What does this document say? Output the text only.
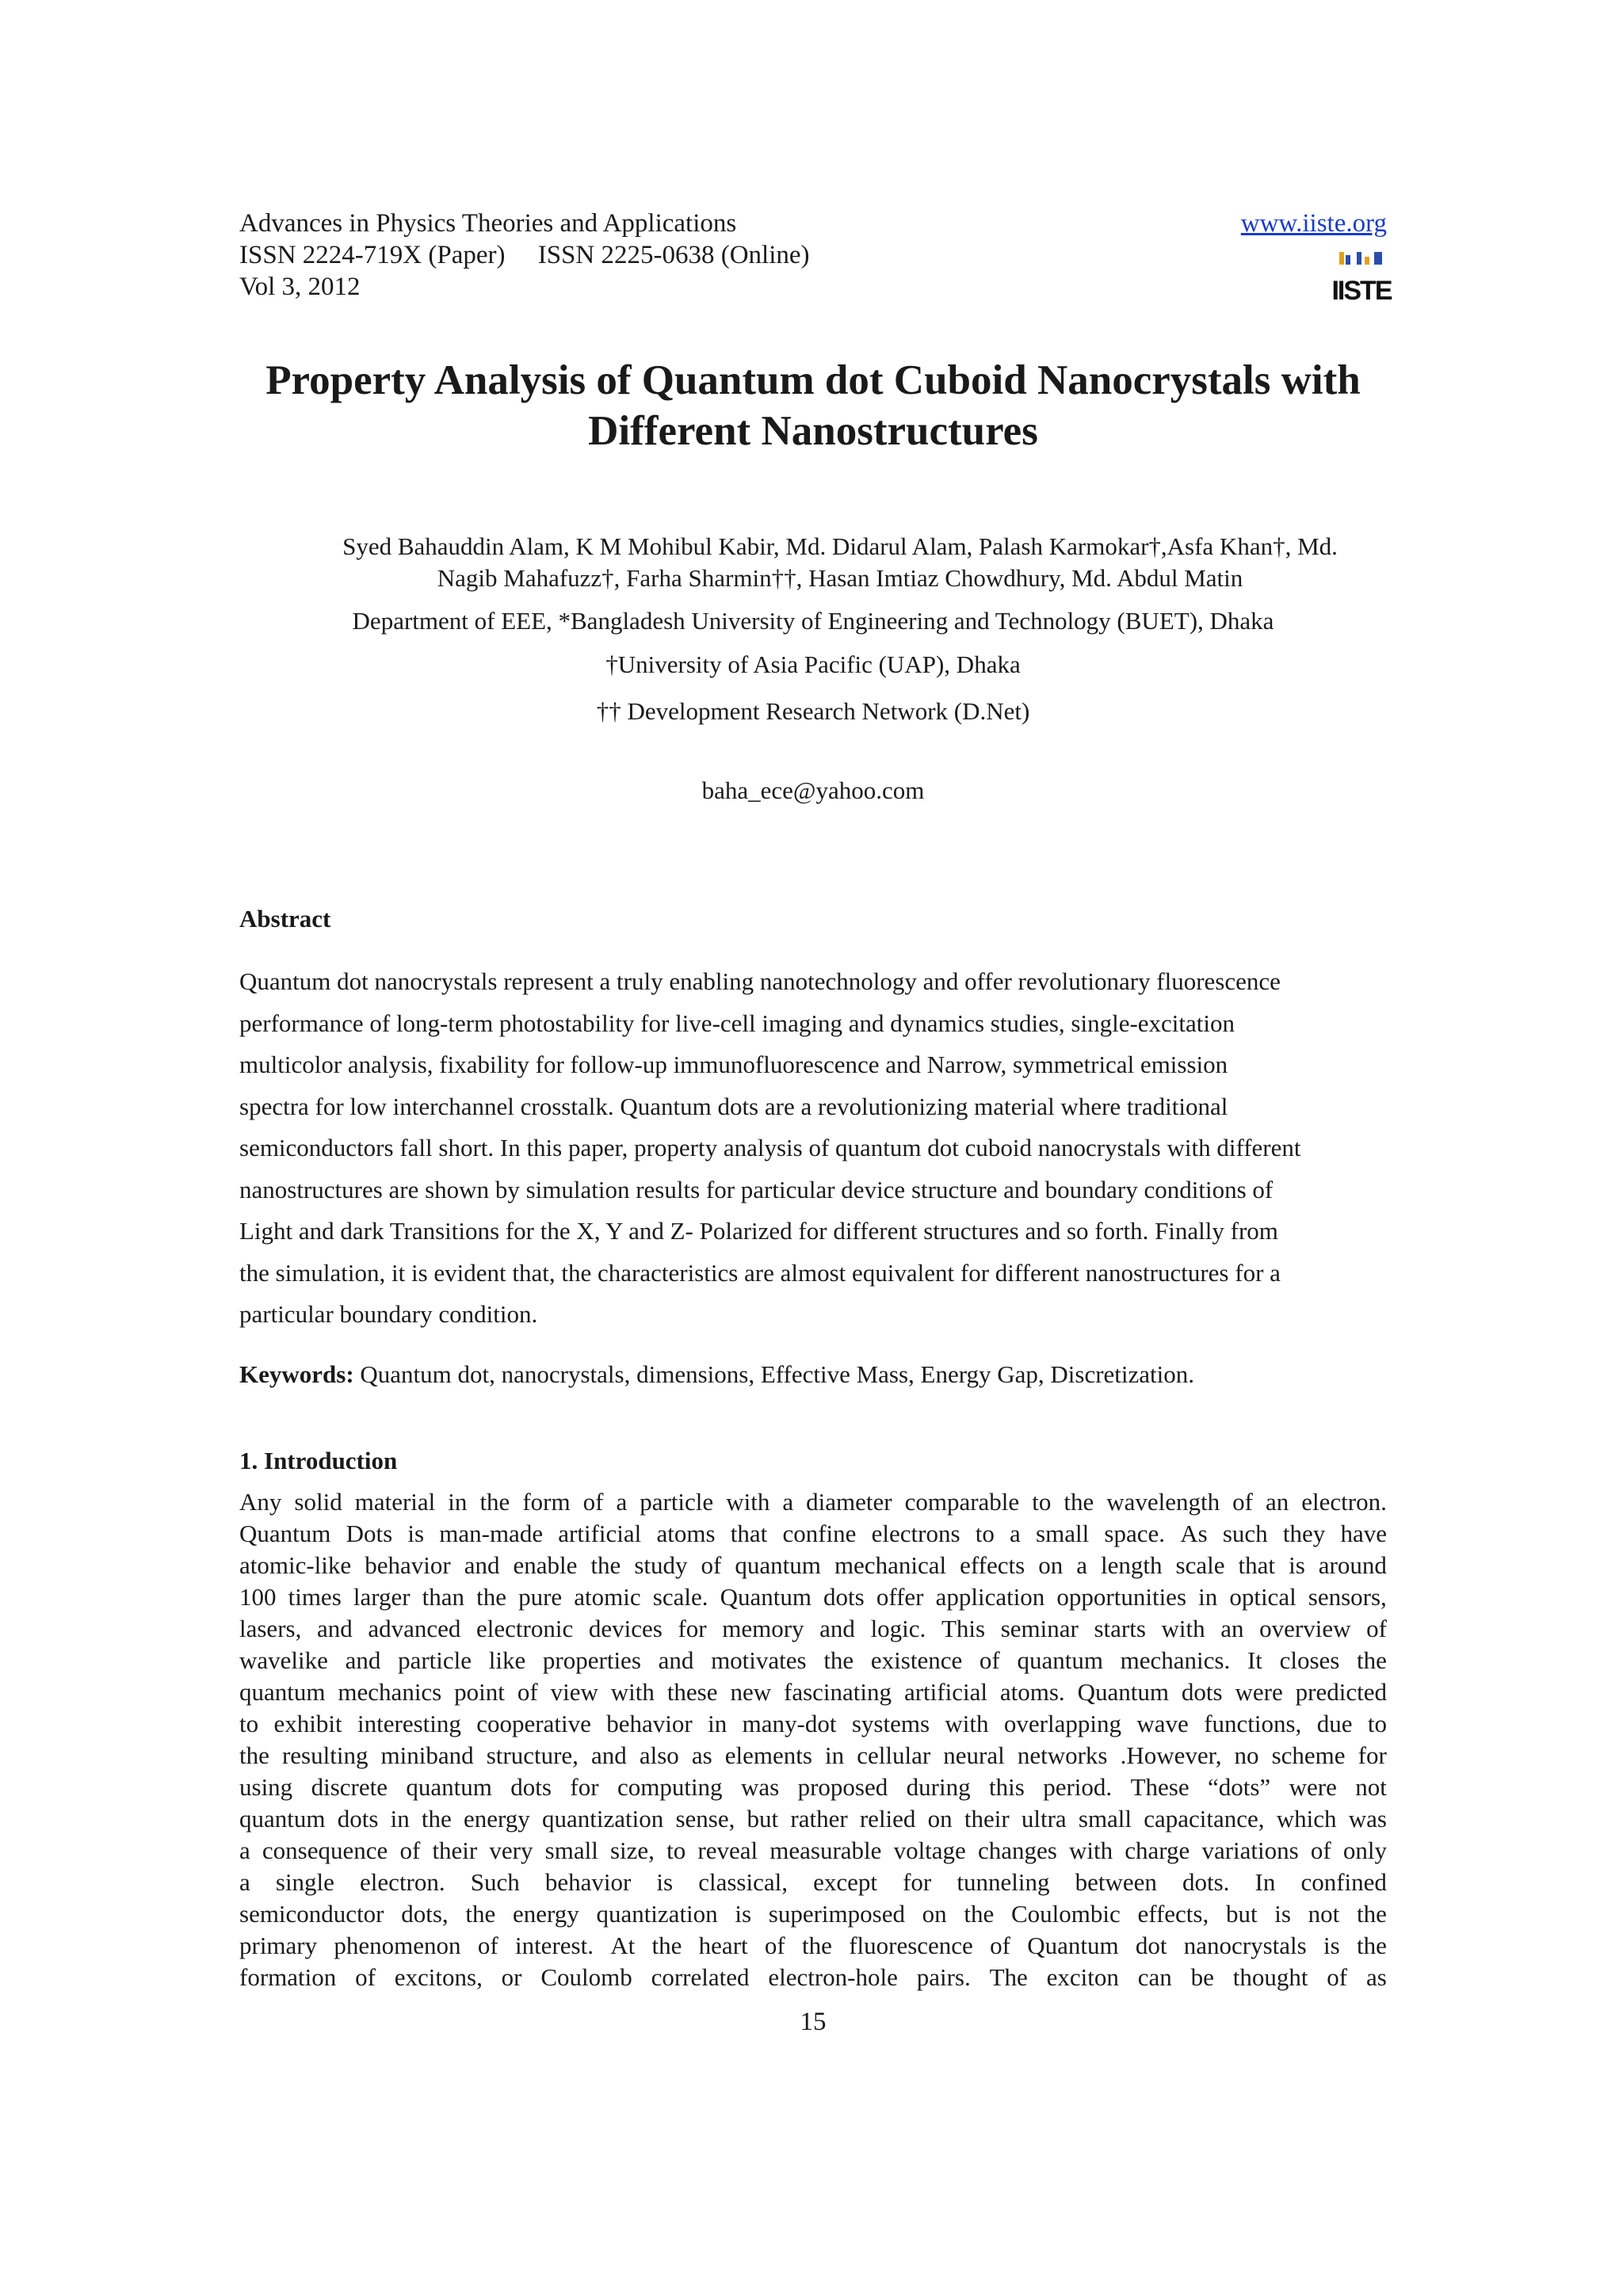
Advances in Physics Theories and Applications
ISSN 2224-719X (Paper)     ISSN 2225-0638 (Online)
Vol 3, 2012
www.iiste.org
IISTE
Property Analysis of Quantum dot Cuboid Nanocrystals with
Different Nanostructures
Syed Bahauddin Alam, K M Mohibul Kabir, Md. Didarul Alam, Palash Karmokar†,Asfa Khan†, Md.
Nagib Mahafuzz†, Farha Sharmin††, Hasan Imtiaz Chowdhury, Md. Abdul Matin
Department of EEE, *Bangladesh University of Engineering and Technology (BUET), Dhaka
†University of Asia Pacific (UAP), Dhaka
†† Development Research Network (D.Net)
baha_ece@yahoo.com
Abstract
Quantum dot nanocrystals represent a truly enabling nanotechnology and offer revolutionary fluorescence
performance of long-term photostability for live-cell imaging and dynamics studies, single-excitation
multicolor analysis, fixability for follow-up immunofluorescence and Narrow, symmetrical emission
spectra for low interchannel crosstalk. Quantum dots are a revolutionizing material where traditional
semiconductors fall short. In this paper, property analysis of quantum dot cuboid nanocrystals with different
nanostructures are shown by simulation results for particular device structure and boundary conditions of
Light and dark Transitions for the X, Y and Z- Polarized for different structures and so forth. Finally from
the simulation, it is evident that, the characteristics are almost equivalent for different nanostructures for a
particular boundary condition.
Keywords: Quantum dot, nanocrystals, dimensions, Effective Mass, Energy Gap, Discretization.
1. Introduction
Any solid material in the form of a particle with a diameter comparable to the wavelength of an electron.
Quantum Dots is man-made artificial atoms that confine electrons to a small space. As such they have
atomic-like behavior and enable the study of quantum mechanical effects on a length scale that is around
100 times larger than the pure atomic scale. Quantum dots offer application opportunities in optical sensors,
lasers, and advanced electronic devices for memory and logic. This seminar starts with an overview of
wavelike and particle like properties and motivates the existence of quantum mechanics. It closes the
quantum mechanics point of view with these new fascinating artificial atoms. Quantum dots were predicted
to exhibit interesting cooperative behavior in many-dot systems with overlapping wave functions, due to
the resulting miniband structure, and also as elements in cellular neural networks .However, no scheme for
using discrete quantum dots for computing was proposed during this period. These “dots” were not
quantum dots in the energy quantization sense, but rather relied on their ultra small capacitance, which was
a consequence of their very small size, to reveal measurable voltage changes with charge variations of only
a single electron. Such behavior is classical, except for tunneling between dots. In confined
semiconductor dots, the energy quantization is superimposed on the Coulombic effects, but is not the
primary phenomenon of interest. At the heart of the fluorescence of Quantum dot nanocrystals is the
formation of excitons, or Coulomb correlated electron-hole pairs. The exciton can be thought of as
15
